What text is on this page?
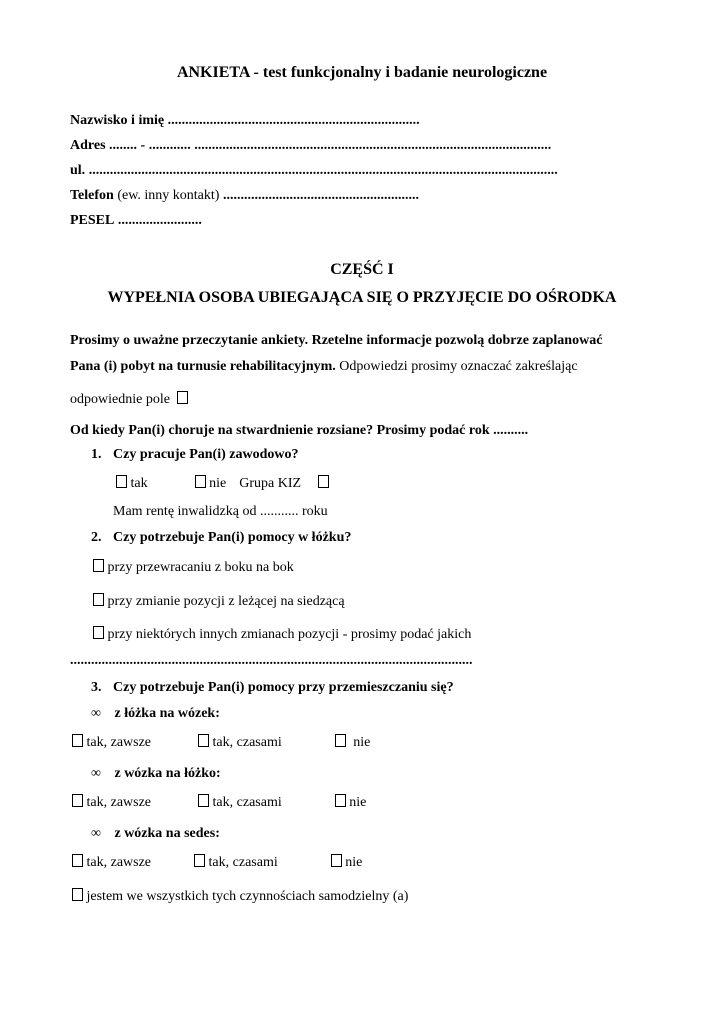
ANKIETA - test funkcjonalny i badanie neurologiczne
Nazwisko i imię ........................................................................
Adres ........ - ............ ......................................................................................................
ul. ......................................................................................................................................
Telefon (ew. inny kontakt) ........................................................
PESEL ........................
CZĘŚĆ I
WYPEŁNIA OSOBA UBIEGAJĄCA SIĘ O PRZYJĘCIE DO OŚRODKA
Prosimy o uważne przeczytanie ankiety. Rzetelne informacje pozwolą dobrze zaplanować
Pana (i) pobyt na turnusie rehabilitacyjnym. Odpowiedzi prosimy oznaczać zakreślając
odpowiednie pole
Od kiedy Pan(i) choruje na stwardnienie rozsiane? Prosimy podać rok ..........
1. Czy pracuje Pan(i) zawodowo?
tak	nie Grupa KIZ
Mam rentę inwalidzką od ........... roku
2. Czy potrzebuje Pan(i) pomocy w łóżku?
przy przewracaniu z boku na bok
przy zmianie pozycji z leżącej na siedzącą
przy niektórych innych zmianach pozycji - prosimy podać jakich
...................................................................................................................
3. Czy potrzebuje Pan(i) pomocy przy przemieszczaniu się?
∞ z łóżka na wózek:
tak, zawsze	tak, czasami	nie
∞ z wózka na łóżko:
tak, zawsze	tak, czasami	nie
∞ z wózka na sedes:
tak, zawsze	tak, czasami	nie
jestem we wszystkich tych czynnościach samodzielny (a)
